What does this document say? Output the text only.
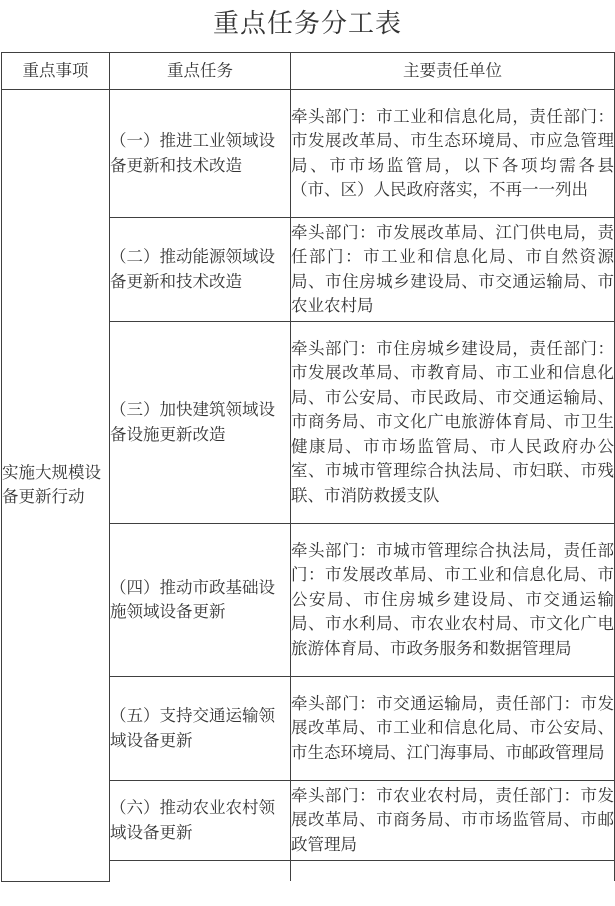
重点任务分工表
重点事项	重点任务	主要责任单位
实施大规模设备更新行动	（一）推进工业领域设备更新和技术改造	牵头部门：市工业和信息化局，责任部门：市发展改革局、市生态环境局、市应急管理局、市市场监管局，以下各项均需各县（市、区）人民政府落实，不再一一列出
	（二）推动能源领域设备更新和技术改造	牵头部门：市发展改革局、江门供电局，责任部门：市工业和信息化局、市自然资源局、市住房城乡建设局、市交通运输局、市农业农村局
	（三）加快建筑领域设备设施更新改造	牵头部门：市住房城乡建设局，责任部门：市发展改革局、市教育局、市工业和信息化局、市公安局、市民政局、市交通运输局、市商务局、市文化广电旅游体育局、市卫生健康局、市市场监管局、市人民政府办公室、市城市管理综合执法局、市妇联、市残联、市消防救援支队
	（四）推动市政基础设施领域设备更新	牵头部门：市城市管理综合执法局，责任部门：市发展改革局、市工业和信息化局、市公安局、市住房城乡建设局、市交通运输局、市水利局、市农业农村局、市文化广电旅游体育局、市政务服务和数据管理局
	（五）支持交通运输领域设备更新	牵头部门：市交通运输局，责任部门：市发展改革局、市工业和信息化局、市公安局、市生态环境局、江门海事局、市邮政管理局
	（六）推动农业农村领域设备更新	牵头部门：市农业农村局，责任部门：市发展改革局、市商务局、市市场监管局、市邮政管理局
